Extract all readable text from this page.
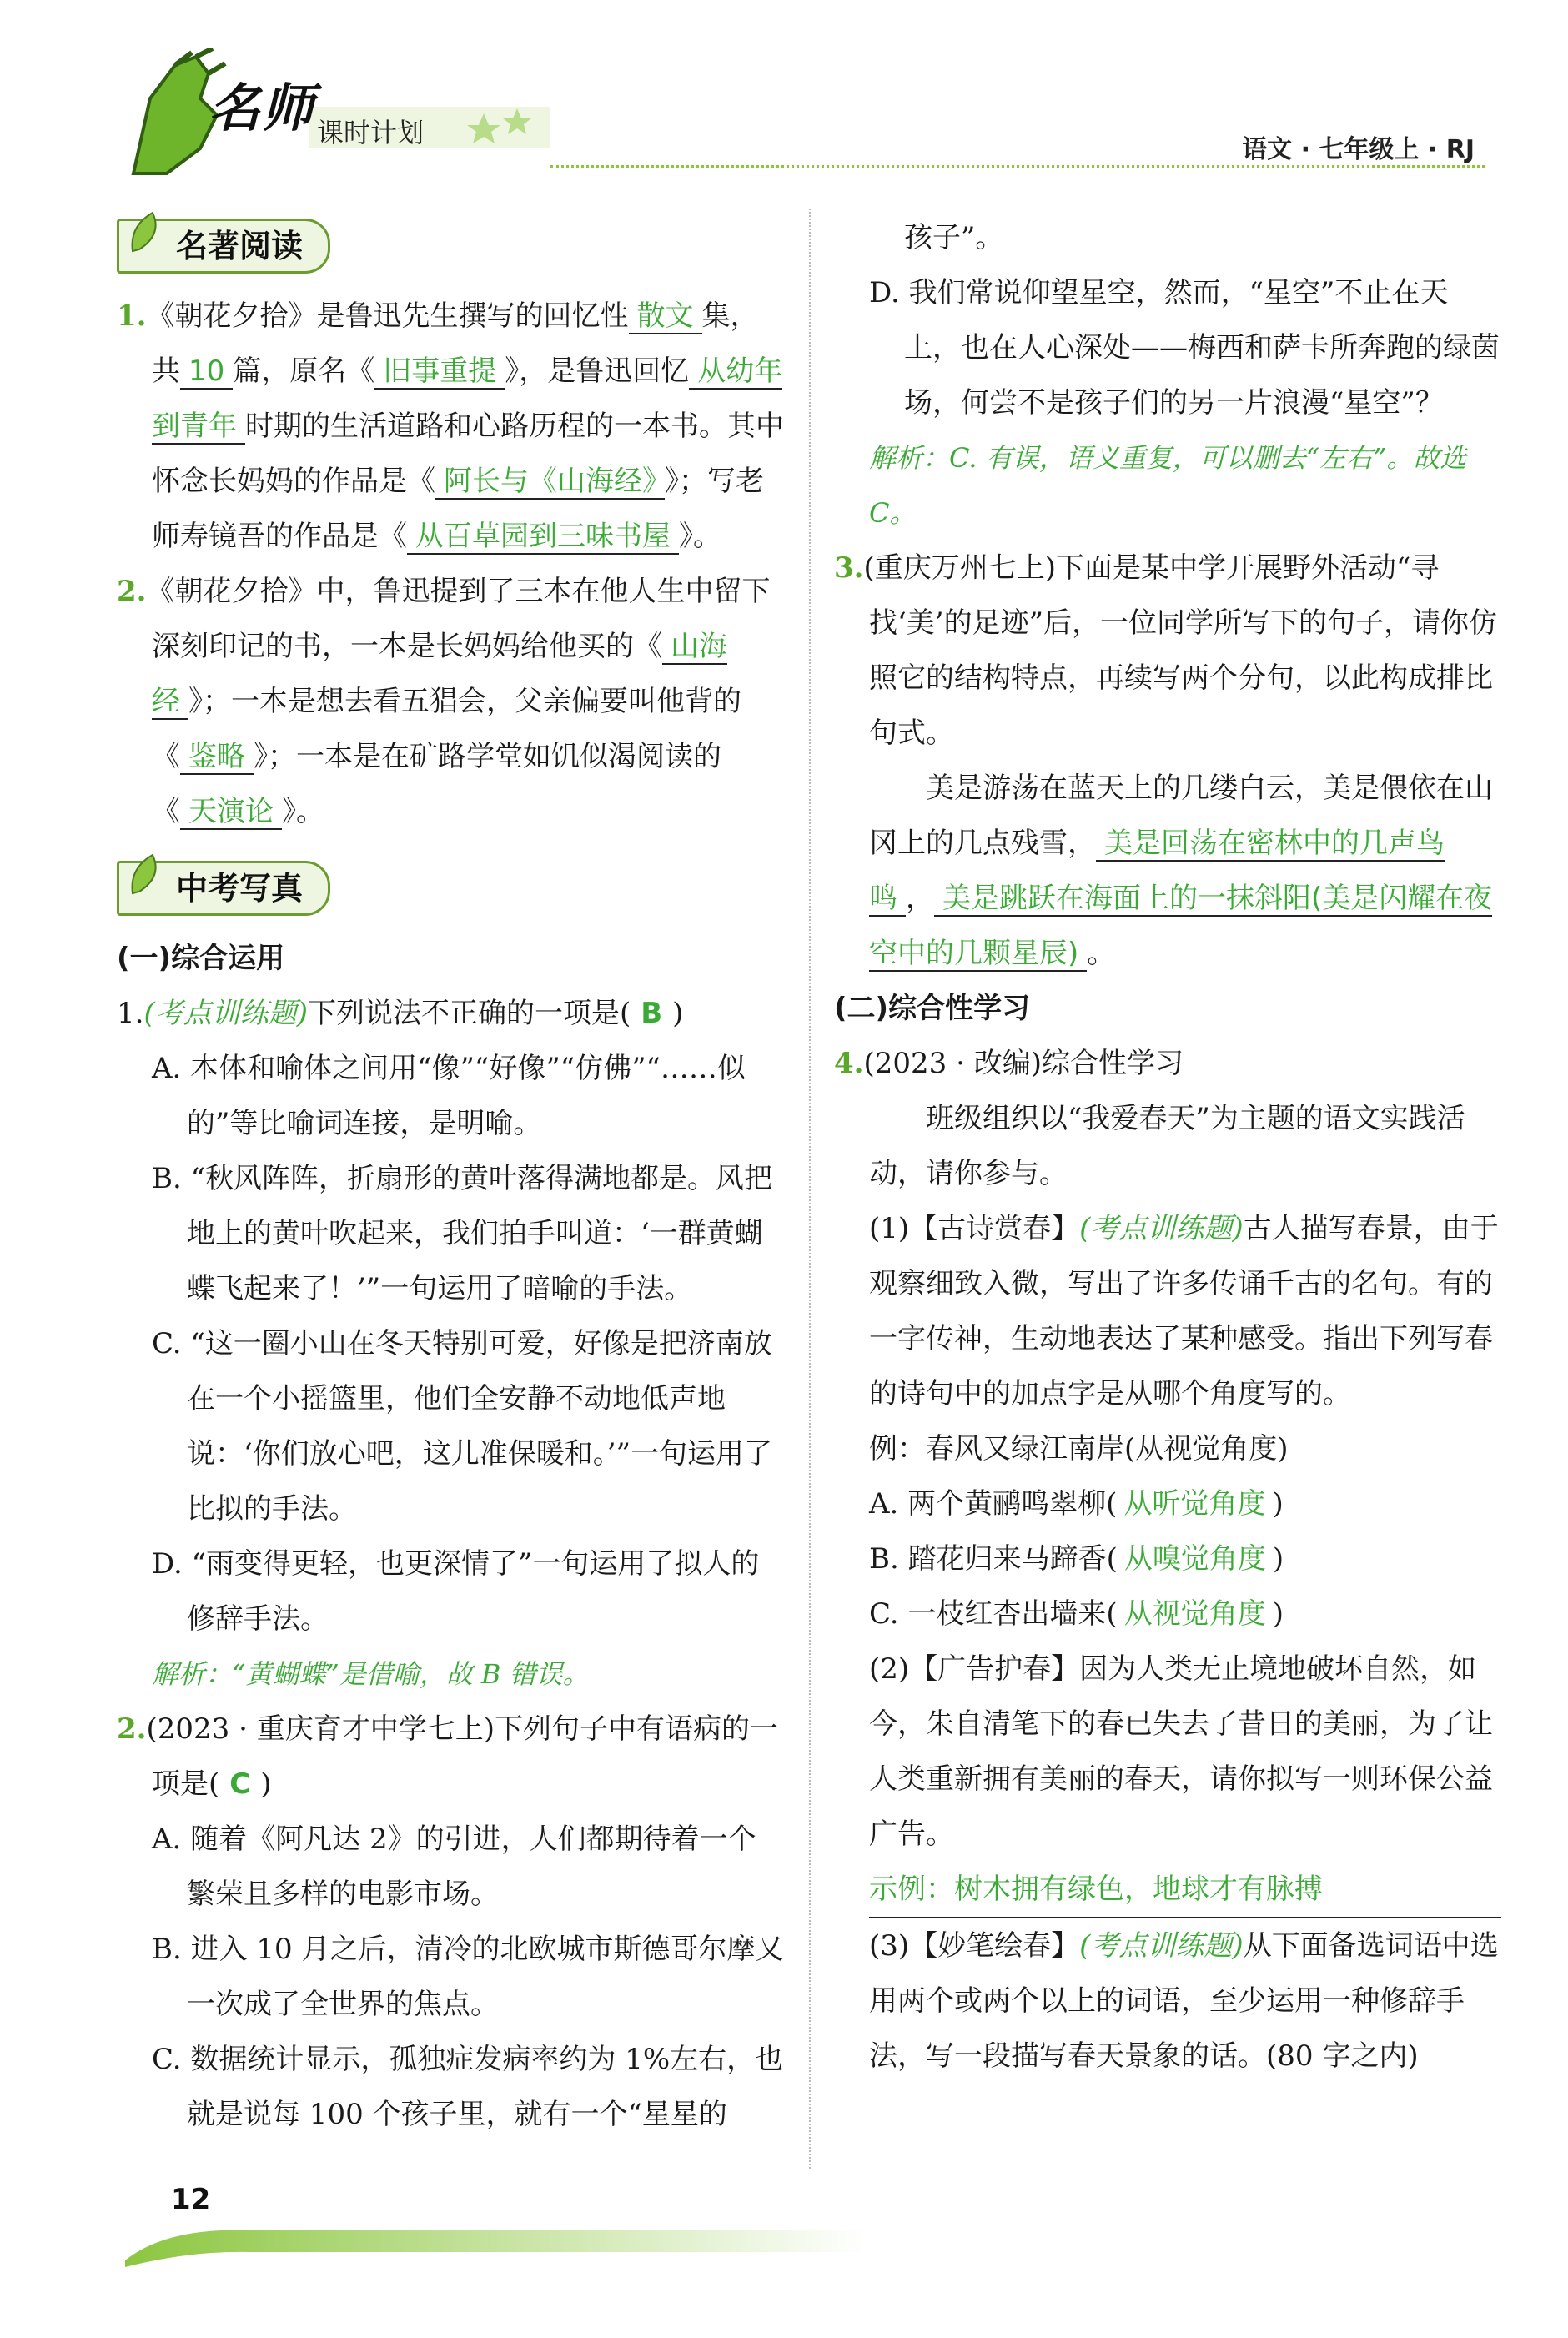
名师 课时计划
语文 · 七年级上 · RJ
名著阅读

1.《朝花夕拾》是鲁迅先生撰写的回忆性 散文 集，共 10 篇，原名《 旧事重提 》，是鲁迅回忆 从幼年到青年 时期的生活道路和心路历程的一本书。其中怀念长妈妈的作品是《 阿长与《山海经》 》；写老师寿镜吾的作品是《 从百草园到三味书屋 》。

2.《朝花夕拾》中，鲁迅提到了三本在他人生中留下深刻印记的书，一本是长妈妈给他买的《 山海经 》；一本是想去看五猖会，父亲偏要叫他背的《 鉴略 》；一本是在矿路学堂如饥似渴阅读的《 天演论 》。

中考写真

(一)综合运用

1.(考点训练题)下列说法不正确的一项是( B )

A. 本体和喻体之间用“像”“好像”“仿佛”“……似的”等比喻词连接，是明喻。

B. “秋风阵阵，折扇形的黄叶落得满地都是。风把地上的黄叶吹起来，我们拍手叫道：‘一群黄蝴蝶飞起来了！’”一句运用了暗喻的手法。

C. “这一圈小山在冬天特别可爱，好像是把济南放在一个小摇篮里，他们全安静不动地低声地说：‘你们放心吧，这儿准保暖和。’”一句运用了比拟的手法。

D. “雨变得更轻，也更深情了”一句运用了拟人的修辞手法。

解析：“黄蝴蝶”是借喻，故 B 错误。

2.(2023 · 重庆育才中学七上)下列句子中有语病的一项是( C )

A. 随着《阿凡达 2》的引进，人们都期待着一个繁荣且多样的电影市场。

B. 进入 10 月之后，清冷的北欧城市斯德哥尔摩又一次成了全世界的焦点。

C. 数据统计显示，孤独症发病率约为 1%左右，也就是说每 100 个孩子里，就有一个“星星的

孩子”。

D. 我们常说仰望星空，然而，“星空”不止在天上，也在人心深处——梅西和萨卡所奔跑的绿茵场，何尝不是孩子们的另一片浪漫“星空”？

解析：C. 有误，语义重复，可以删去“左右”。故选 C。

3.(重庆万州七上)下面是某中学开展野外活动“寻找‘美’的足迹”后，一位同学所写下的句子，请你仿照它的结构特点，再续写两个分句，以此构成排比句式。

美是游荡在蓝天上的几缕白云，美是偎依在山冈上的几点残雪， 美是回荡在密林中的几声鸟鸣 ， 美是跳跃在海面上的一抹斜阳(美是闪耀在夜空中的几颗星辰) 。

(二)综合性学习

4.(2023 · 改编)综合性学习

班级组织以“我爱春天”为主题的语文实践活动，请你参与。

(1)【古诗赏春】(考点训练题)古人描写春景，由于观察细致入微，写出了许多传诵千古的名句。有的一字传神，生动地表达了某种感受。指出下列写春的诗句中的加点字是从哪个角度写的。

例：春风又绿江南岸(从视觉角度)

A. 两个黄鹂鸣翠柳( 从听觉角度 )

B. 踏花归来马蹄香( 从嗅觉角度 )

C. 一枝红杏出墙来( 从视觉角度 )

(2)【广告护春】因为人类无止境地破坏自然，如今，朱自清笔下的春已失去了昔日的美丽，为了让人类重新拥有美丽的春天，请你拟写一则环保公益广告。

示例：树木拥有绿色，地球才有脉搏

(3)【妙笔绘春】(考点训练题)从下面备选词语中选用两个或两个以上的词语，至少运用一种修辞手法，写一段描写春天景象的话。(80 字之内)

12
